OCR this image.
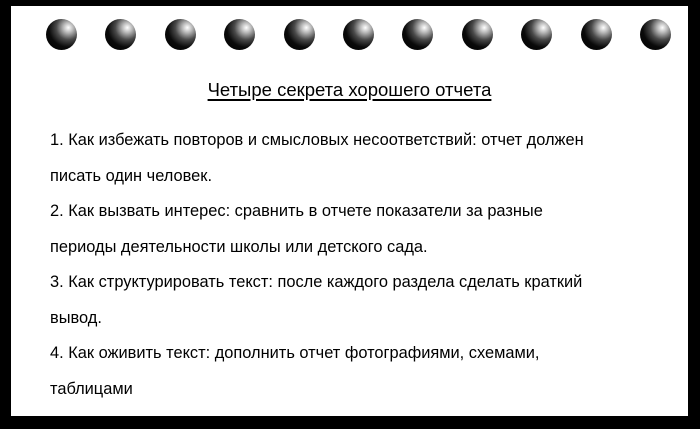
Четыре секрета хорошего отчета
1. Как избежать повторов и смысловых несоответствий: отчет должен
писать один человек.
2. Как вызвать интерес: сравнить в отчете показатели за разные
периоды деятельности школы или детского сада.
3. Как структурировать текст: после каждого раздела сделать краткий
вывод.
4. Как оживить текст: дополнить отчет фотографиями, схемами,
таблицами
